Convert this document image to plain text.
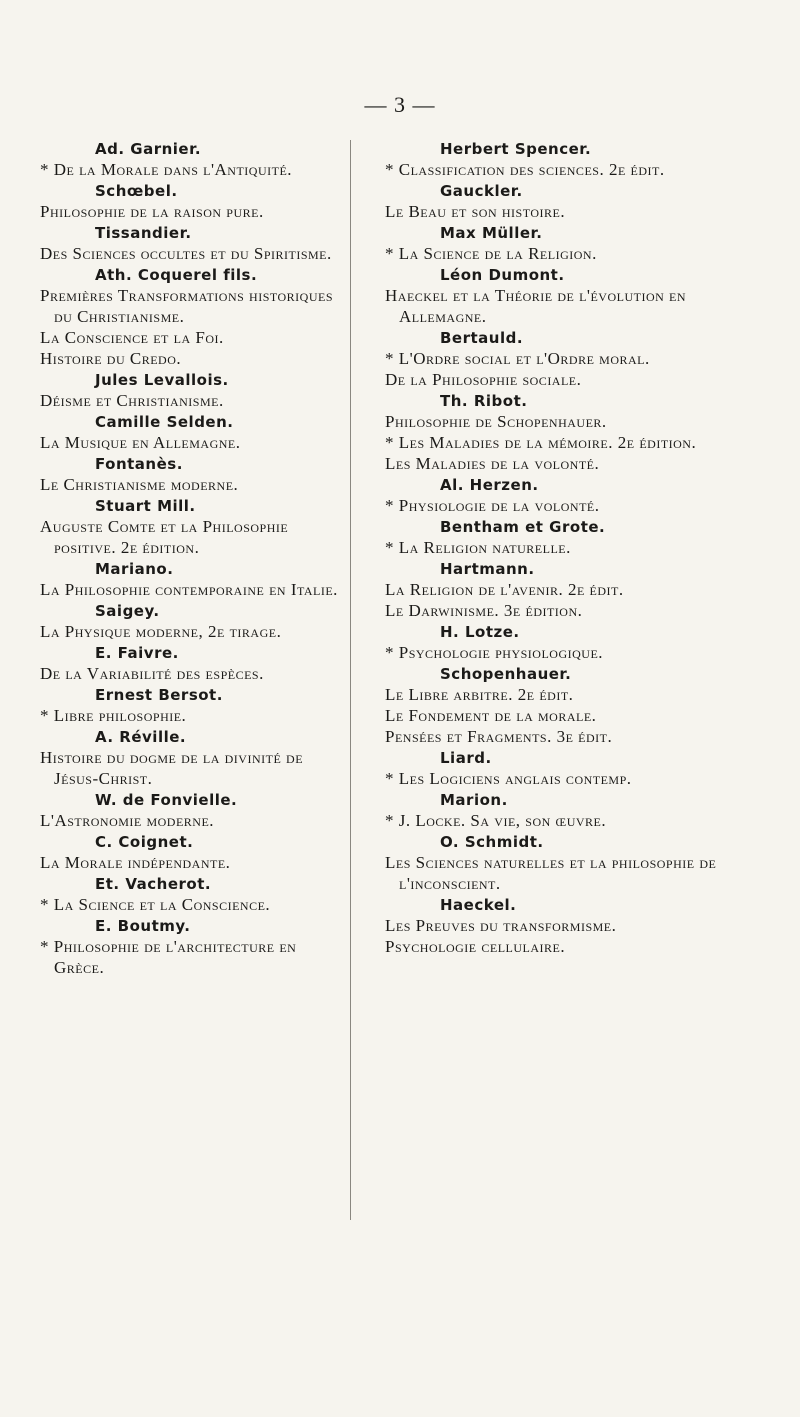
— 3 —
Ad. Garnier.
* De la Morale dans l'Antiquité.
Schœbel.
Philosophie de la raison pure.
Tissandier.
Des Sciences occultes et du Spiritisme.
Ath. Coquerel fils.
Premières Transformations historiques du Christianisme.
La Conscience et la Foi.
Histoire du Credo.
Jules Levallois.
Déisme et Christianisme.
Camille Selden.
La Musique en Allemagne.
Fontanès.
Le Christianisme moderne.
Stuart Mill.
Auguste Comte et la Philosophie positive. 2e édition.
Mariano.
La Philosophie contemporaine en Italie.
Saigey.
La Physique moderne, 2e tirage.
E. Faivre.
De la Variabilité des espèces.
Ernest Bersot.
* Libre philosophie.
A. Réville.
Histoire du dogme de la divinité de Jésus-Christ.
W. de Fonvielle.
L'Astronomie moderne.
C. Coignet.
La Morale indépendante.
Et. Vacherot.
* La Science et la Conscience.
E. Boutmy.
* Philosophie de l'architecture en Grèce.
Herbert Spencer.
* Classification des sciences. 2e édit.
Gauckler.
Le Beau et son histoire.
Max Müller.
* La Science de la Religion.
Léon Dumont.
Haeckel et la Théorie de l'évolution en Allemagne.
Bertauld.
* L'Ordre social et l'Ordre moral.
De la Philosophie sociale.
Th. Ribot.
Philosophie de Schopenhauer.
* Les Maladies de la mémoire. 2e édition.
Les Maladies de la volonté.
Al. Herzen.
* Physiologie de la volonté.
Bentham et Grote.
* La Religion naturelle.
Hartmann.
La Religion de l'avenir. 2e édit.
Le Darwinisme. 3e édition.
H. Lotze.
* Psychologie physiologique.
Schopenhauer.
Le Libre arbitre. 2e édit.
Le Fondement de la morale.
Pensées et Fragments. 3e édit.
Liard.
* Les Logiciens anglais contemp.
Marion.
* J. Locke. Sa vie, son œuvre.
O. Schmidt.
Les Sciences naturelles et la philosophie de l'inconscient.
Haeckel.
Les Preuves du transformisme.
Psychologie cellulaire.
